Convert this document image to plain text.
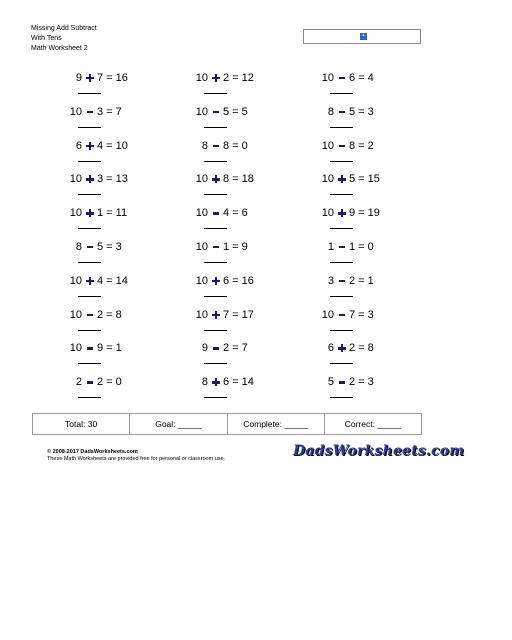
Missing Add Subtract
With Tens
Math Worksheet 2
▪
9 7 = 16	10 2 = 12	10 6 = 4
10 3 = 7	10 5 = 5	8 5 = 3
6 4 = 10	8 8 = 0	10 8 = 2
10 3 = 13	10 8 = 18	10 5 = 15
10 1 = 11	10 4 = 6	10 9 = 19
8 5 = 3	10 1 = 9	1 1 = 0
10 4 = 14	10 6 = 16	3 2 = 1
10 2 = 8	10 7 = 17	10 7 = 3
10 9 = 1	9 2 = 7	6 2 = 8
2 2 = 0	8 6 = 14	5 2 = 3
Total: 30	Goal: _____	Complete: _____	Correct: _____
© 2008-2017 DadsWorksheets.com
These Math Worksheets are provided free for personal or classroom use.	DadsWorksheets.com
